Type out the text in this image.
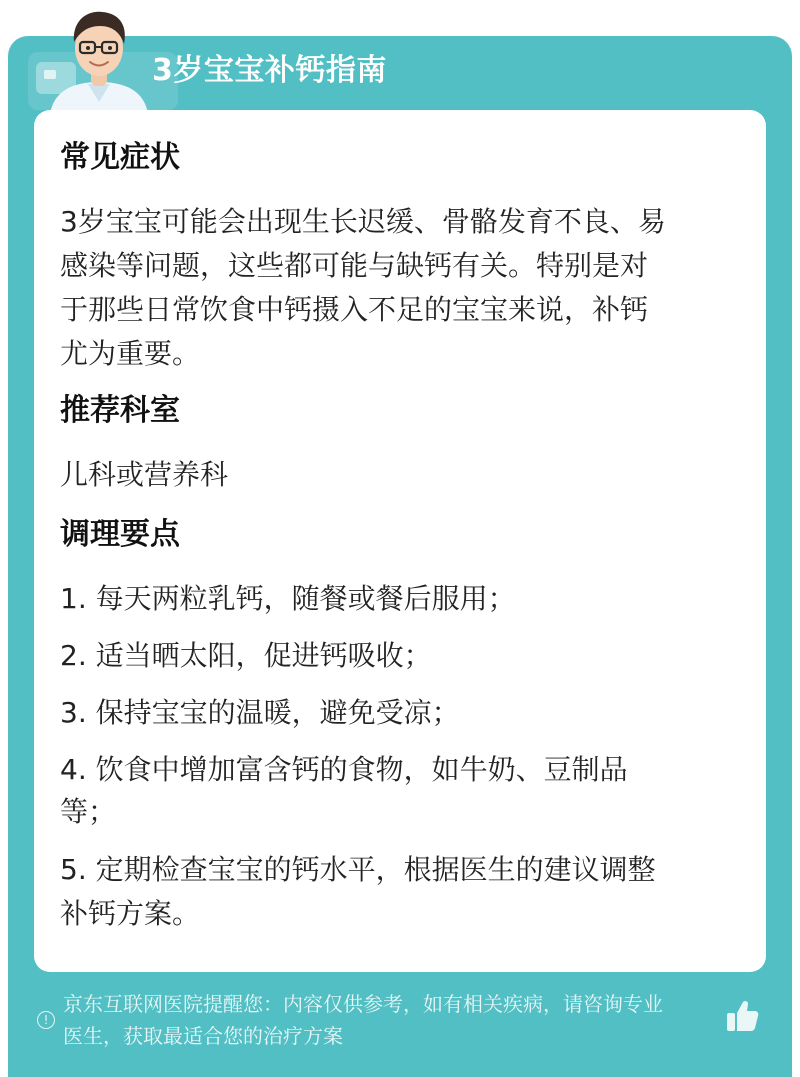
3岁宝宝补钙指南
常见症状
3岁宝宝可能会出现生长迟缓、骨骼发育不良、易
感染等问题，这些都可能与缺钙有关。特别是对
于那些日常饮食中钙摄入不足的宝宝来说，补钙
尤为重要。
推荐科室
儿科或营养科
调理要点
1. 每天两粒乳钙，随餐或餐后服用；
2. 适当晒太阳，促进钙吸收；
3. 保持宝宝的温暖，避免受凉；
4. 饮食中增加富含钙的食物，如牛奶、豆制品
等；
5. 定期检查宝宝的钙水平，根据医生的建议调整
补钙方案。
!
京东互联网医院提醒您：内容仅供参考，如有相关疾病，请咨询专业
医生，获取最适合您的治疗方案
